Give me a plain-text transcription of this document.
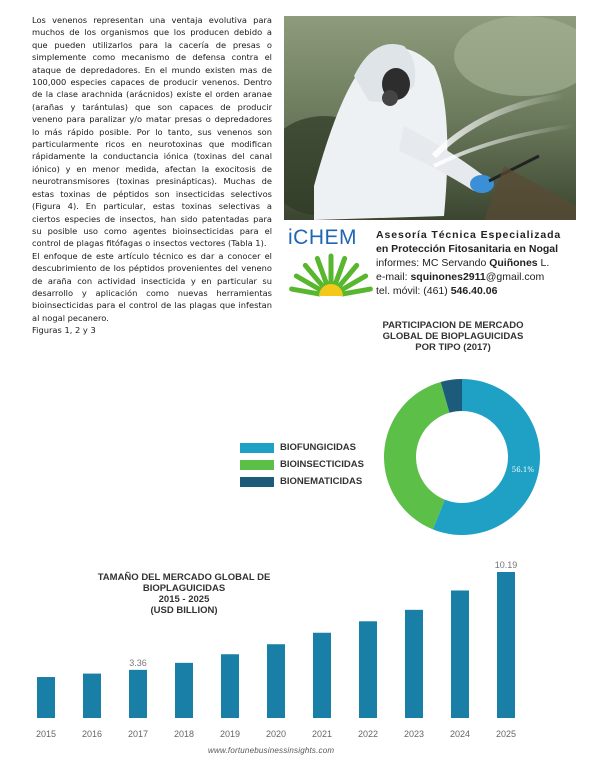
Los venenos representan una ventaja evolutiva para muchos de los organismos que los producen debido a que pueden utilizarlos para la cacería de presas o simplemente como mecanismo de defensa contra el ataque de depredadores. En el mundo existen mas de 100,000 especies capaces de producir venenos. Dentro de la clase arachnida (arácnidos) existe el orden aranae (arañas y tarántulas) que son capaces de producir veneno para paralizar y/o matar presas o depredadores lo más rápido posible. Por lo tanto, sus venenos son particularmente ricos en neurotoxinas que modifican rápidamente la conductancia iónica (toxinas del canal iónico) y en menor medida, afectan la exocitosis de neurotransmisores (toxinas presinápticas). Muchas de estas toxinas de péptidos son insecticidas selectivos (Figura 4). En particular, estas toxinas selectivas a ciertos especies de insectos, han sido patentadas para su posible uso como agentes bioinsecticidas para el control de plagas fitófagas o insectos vectores (Tabla 1).

El enfoque de este artículo técnico es dar a conocer el descubrimiento de los péptidos provenientes del veneno de araña con actividad insecticida y en particular su desarrollo y aplicación como nuevas herramientas bioinsecticidas para el control de las plagas que infestan al nogal pecanero.

Figuras 1, 2 y 3

iCHEM Asesoría Técnica Especializada
en Protección Fitosanitaria en Nogal
informes: MC Servando Quiñones L.
e-mail: squinones2911@gmail.com
tel. móvil: (461) 546.40.06
PARTICIPACION DE MERCADO
GLOBAL DE BIOPLAGUICIDAS
POR TIPO (2017)
BIOFUNGICIDAS
BIOINSECTICIDAS
BIONEMATICIDAS
56.1%
2015	2016	2017
3.36
2018	2019	2020	2021	2022	2023	2024	2025
10.19
TAMAÑO DEL MERCADO GLOBAL DE BIOPLAGUICIDAS
2015 - 2025
(USD BILLION)
www.fortunebusinessinsights.com
